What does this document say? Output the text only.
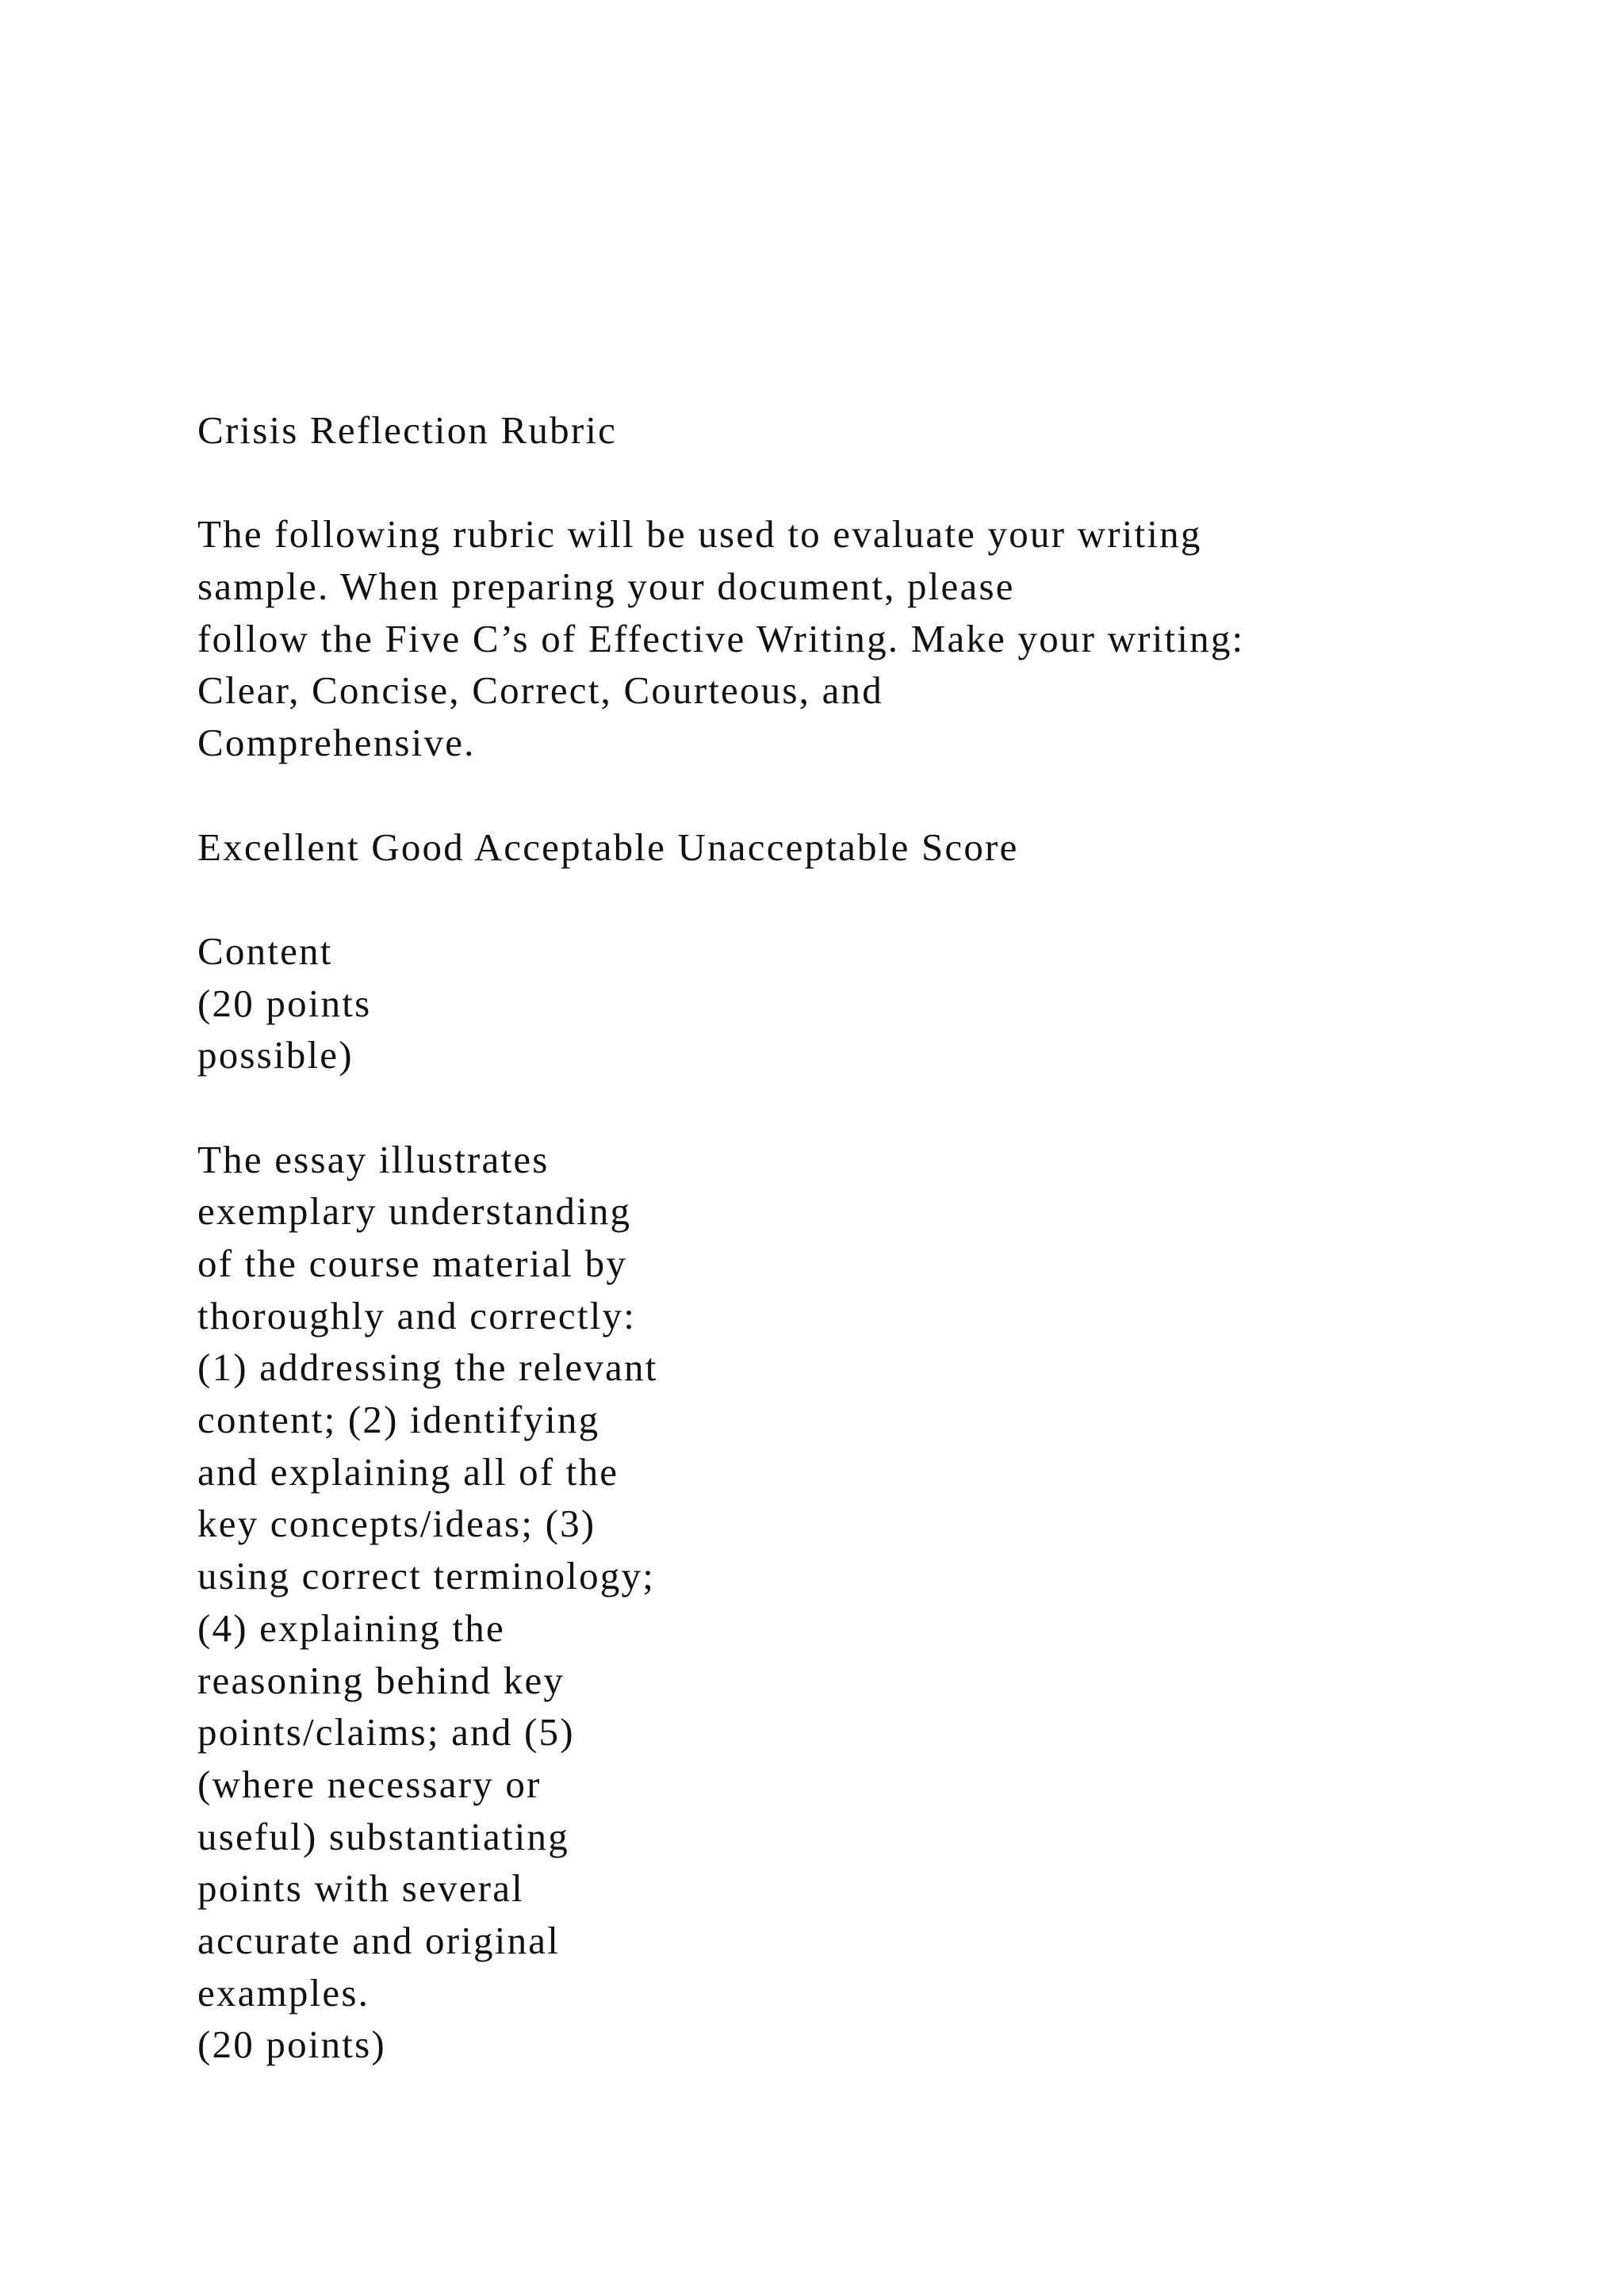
Crisis Reflection Rubric
The following rubric will be used to evaluate your writing
sample. When preparing your document, please
follow the Five C’s of Effective Writing. Make your writing:
Clear, Concise, Correct, Courteous, and
Comprehensive.
Excellent Good Acceptable Unacceptable Score
Content
(20 points
possible)
The essay illustrates
exemplary understanding
of the course material by
thoroughly and correctly:
(1) addressing the relevant
content; (2) identifying
and explaining all of the
key concepts/ideas; (3)
using correct terminology;
(4) explaining the
reasoning behind key
points/claims; and (5)
(where necessary or
useful) substantiating
points with several
accurate and original
examples.
(20 points)
